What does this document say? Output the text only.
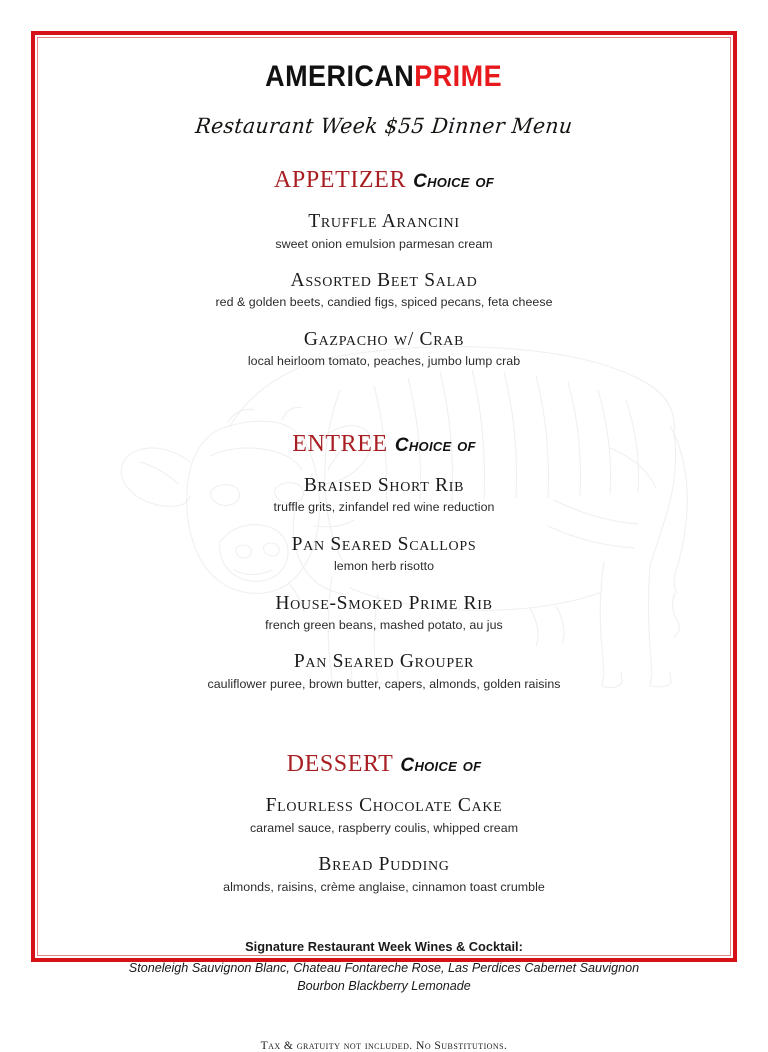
AMERICANPRIME
Restaurant Week $55 Dinner Menu
APPETIZER Choice of
Truffle Arancini
sweet onion emulsion parmesan cream
Assorted Beet Salad
red & golden beets, candied figs, spiced pecans, feta cheese
Gazpacho w/ Crab
local heirloom tomato, peaches, jumbo lump crab
ENTREE Choice of
Braised Short Rib
truffle grits, zinfandel red wine reduction
Pan Seared Scallops
lemon herb risotto
House-Smoked Prime Rib
french green beans, mashed potato, au jus
Pan Seared Grouper
cauliflower puree, brown butter, capers, almonds, golden raisins
DESSERT Choice of
Flourless Chocolate Cake
caramel sauce, raspberry coulis, whipped cream
Bread Pudding
almonds, raisins, crème anglaise, cinnamon toast crumble
Signature Restaurant Week Wines & Cocktail:
Stoneleigh Sauvignon Blanc, Chateau Fontareche Rose, Las Perdices Cabernet Sauvignon
Bourbon Blackberry Lemonade
Tax & gratuity not included. No Substitutions.
